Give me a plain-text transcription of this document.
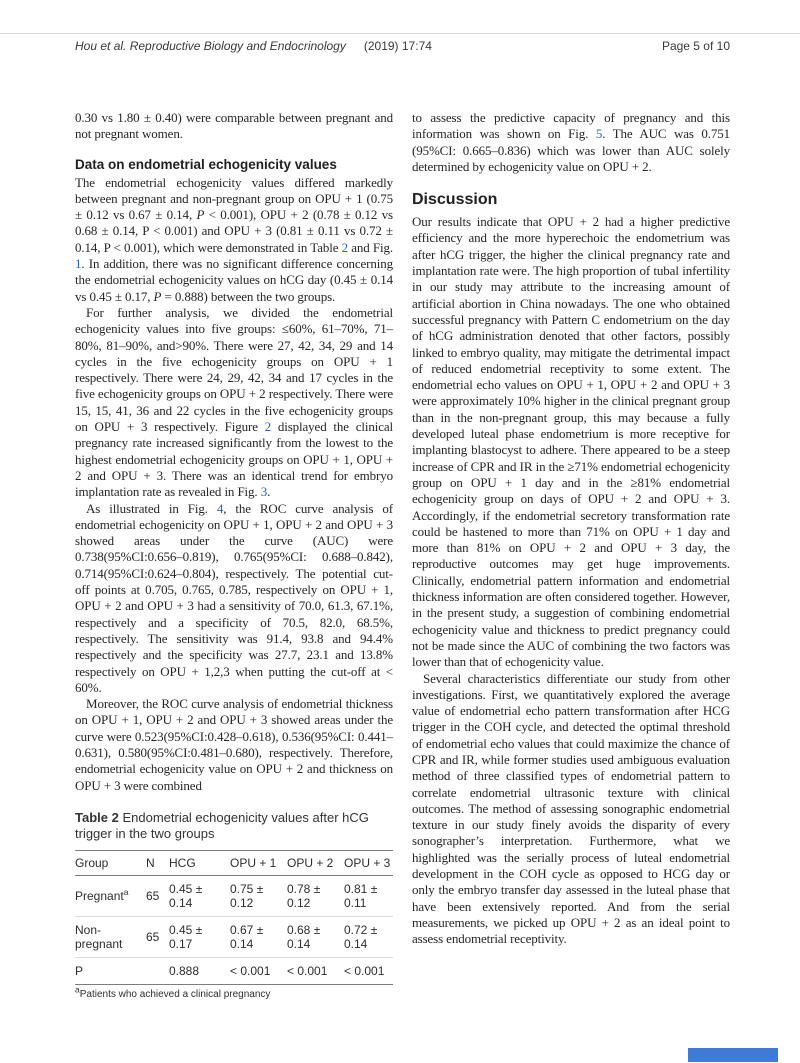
Hou et al. Reproductive Biology and Endocrinology (2019) 17:74	Page 5 of 10

0.30 vs 1.80 ± 0.40) were comparable between pregnant and not pregnant women.

Data on endometrial echogenicity values

The endometrial echogenicity values differed markedly between pregnant and non-pregnant group on OPU + 1 (0.75 ± 0.12 vs 0.67 ± 0.14, P < 0.001), OPU + 2 (0.78 ± 0.12 vs 0.68 ± 0.14, P < 0.001) and OPU + 3 (0.81 ± 0.11 vs 0.72 ± 0.14, P < 0.001), which were demonstrated in Table 2 and Fig. 1. In addition, there was no significant difference concerning the endometrial echogenicity values on hCG day (0.45 ± 0.14 vs 0.45 ± 0.17, P = 0.888) between the two groups.

For further analysis, we divided the endometrial echogenicity values into five groups: ≤60%, 61–70%, 71–80%, 81–90%, and>90%. There were 27, 42, 34, 29 and 14 cycles in the five echogenicity groups on OPU + 1 respectively. There were 24, 29, 42, 34 and 17 cycles in the five echogenicity groups on OPU + 2 respectively. There were 15, 15, 41, 36 and 22 cycles in the five echogenicity groups on OPU + 3 respectively. Figure 2 displayed the clinical pregnancy rate increased significantly from the lowest to the highest endometrial echogenicity groups on OPU + 1, OPU + 2 and OPU + 3. There was an identical trend for embryo implantation rate as revealed in Fig. 3.

As illustrated in Fig. 4, the ROC curve analysis of endometrial echogenicity on OPU + 1, OPU + 2 and OPU + 3 showed areas under the curve (AUC) were 0.738(95%CI:0.656–0.819), 0.765(95%CI: 0.688–0.842), 0.714(95%CI:0.624–0.804), respectively. The potential cut-off points at 0.705, 0.765, 0.785, respectively on OPU + 1, OPU + 2 and OPU + 3 had a sensitivity of 70.0, 61.3, 67.1%, respectively and a specificity of 70.5, 82.0, 68.5%, respectively. The sensitivity was 91.4, 93.8 and 94.4% respectively and the specificity was 27.7, 23.1 and 13.8% respectively on OPU + 1,2,3 when putting the cut-off at < 60%.

Moreover, the ROC curve analysis of endometrial thickness on OPU + 1, OPU + 2 and OPU + 3 showed areas under the curve were 0.523(95%CI:0.428–0.618), 0.536(95%CI: 0.441–0.631), 0.580(95%CI:0.481–0.680), respectively. Therefore, endometrial echogenicity value on OPU + 2 and thickness on OPU + 3 were combined

Table 2 Endometrial echogenicity values after hCG trigger in the two groups

Group	N	HCG	OPU + 1	OPU + 2	OPU + 3
Pregnant$^a$	65	0.45 ± 0.14	0.75 ± 0.12	0.78 ± 0.12	0.81 ± 0.11
Non-pregnant	65	0.45 ± 0.17	0.67 ± 0.14	0.68 ± 0.14	0.72 ± 0.14
P		0.888	< 0.001	< 0.001	< 0.001

$^a$Patients who achieved a clinical pregnancy

to assess the predictive capacity of pregnancy and this information was shown on Fig. 5. The AUC was 0.751 (95%CI: 0.665–0.836) which was lower than AUC solely determined by echogenicity value on OPU + 2.

Discussion

Our results indicate that OPU + 2 had a higher predictive efficiency and the more hyperechoic the endometrium was after hCG trigger, the higher the clinical pregnancy rate and implantation rate were. The high proportion of tubal infertility in our study may attribute to the increasing amount of artificial abortion in China nowadays. The one who obtained successful pregnancy with Pattern C endometrium on the day of hCG administration denoted that other factors, possibly linked to embryo quality, may mitigate the detrimental impact of reduced endometrial receptivity to some extent. The endometrial echo values on OPU + 1, OPU + 2 and OPU + 3 were approximately 10% higher in the clinical pregnant group than in the non-pregnant group, this may because a fully developed luteal phase endometrium is more receptive for implanting blastocyst to adhere. There appeared to be a steep increase of CPR and IR in the ≥71% endometrial echogenicity group on OPU + 1 day and in the ≥81% endometrial echogenicity group on days of OPU + 2 and OPU + 3. Accordingly, if the endometrial secretory transformation rate could be hastened to more than 71% on OPU + 1 day and more than 81% on OPU + 2 and OPU + 3 day, the reproductive outcomes may get huge improvements. Clinically, endometrial pattern information and endometrial thickness information are often considered together. However, in the present study, a suggestion of combining endometrial echogenicity value and thickness to predict pregnancy could not be made since the AUC of combining the two factors was lower than that of echogenicity value.

Several characteristics differentiate our study from other investigations. First, we quantitatively explored the average value of endometrial echo pattern transformation after HCG trigger in the COH cycle, and detected the optimal threshold of endometrial echo values that could maximize the chance of CPR and IR, while former studies used ambiguous evaluation method of three classified types of endometrial pattern to correlate endometrial ultrasonic texture with clinical outcomes. The method of assessing sonographic endometrial texture in our study finely avoids the disparity of every sonographer’s interpretation. Furthermore, what we highlighted was the serially process of luteal endometrial development in the COH cycle as opposed to HCG day or only the embryo transfer day assessed in the luteal phase that have been extensively reported. And from the serial measurements, we picked up OPU + 2 as an ideal point to assess endometrial receptivity.
